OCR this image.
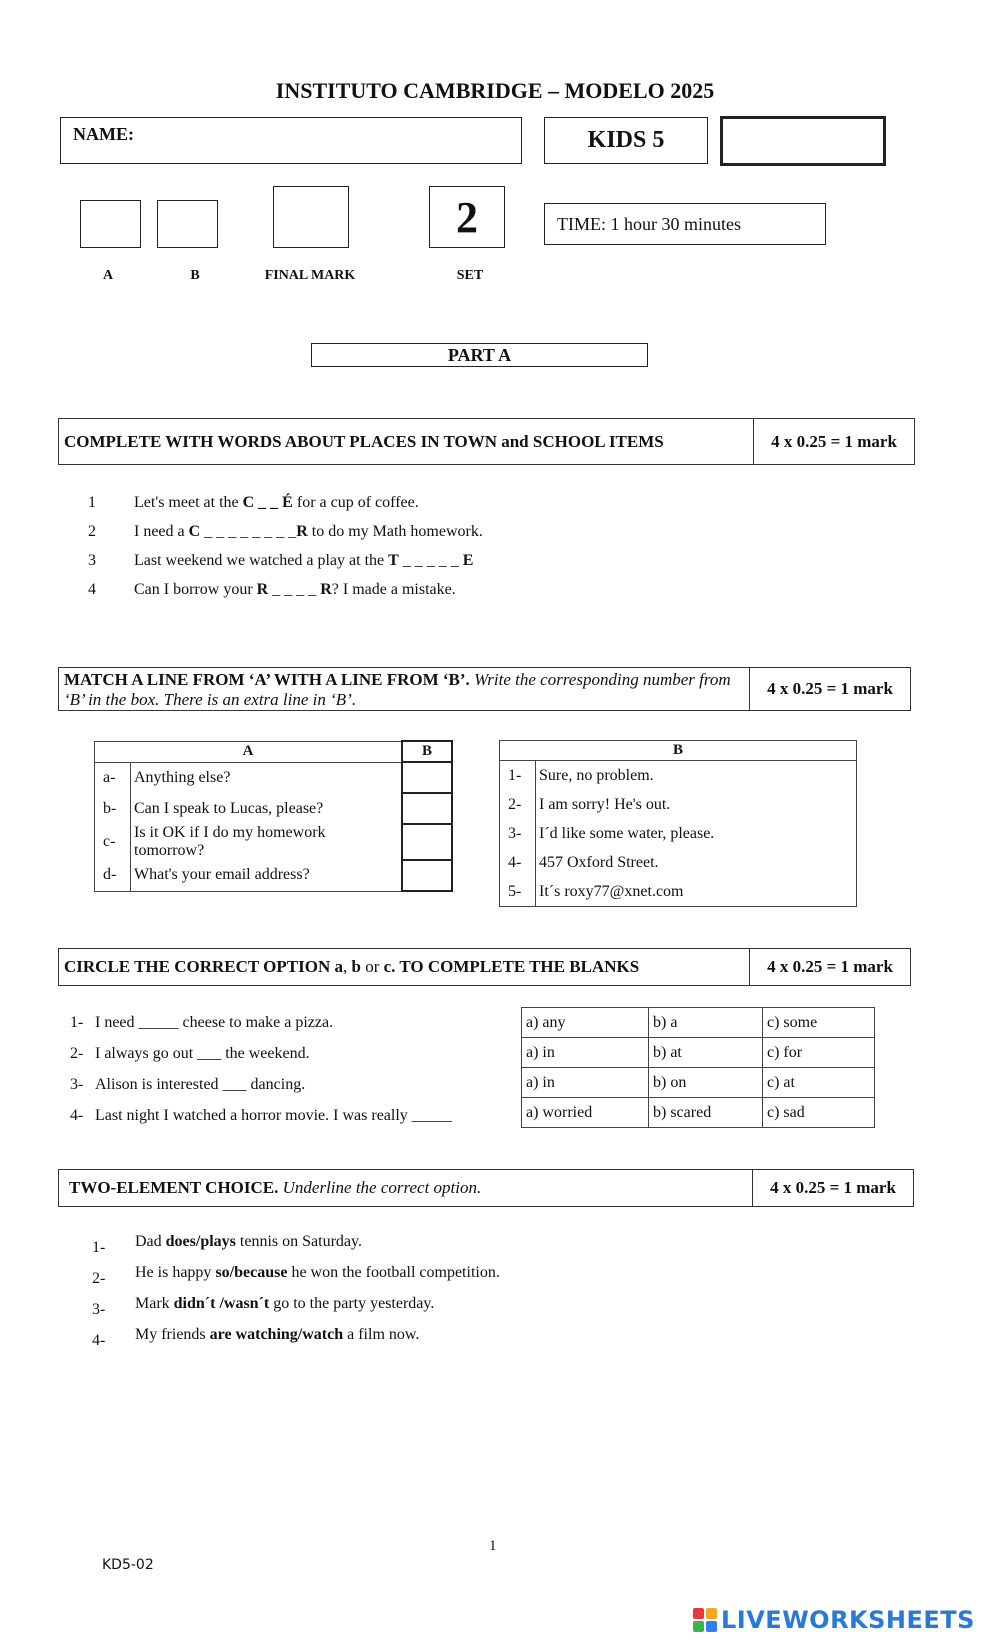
INSTITUTO CAMBRIDGE – MODELO 2025
NAME:	KIDS 5
2	TIME: 1 hour 30 minutes
A	B	FINAL MARK	SET
PART A
COMPLETE WITH WORDS ABOUT PLACES IN TOWN and SCHOOL ITEMS	4 x 0.25 = 1 mark
1	Let's meet at the C _ _ É for a cup of coffee.
2	I need a C _ _ _ _ _ _ _ _R to do my Math homework.
3	Last weekend we watched a play at the T _ _ _ _ _ E
4	Can I borrow your R _ _ _ _ R? I made a mistake.
MATCH A LINE FROM ‘A’ WITH A LINE FROM ‘B’. Write the corresponding number from ‘B’ in the box. There is an extra line in ‘B’.
4 x 0.25 = 1 mark
A		B
a-	Anything else?	
b-	Can I speak to Lucas, please?	
c-	Is it OK if I do my homework tomorrow?	
d-	What's your email address?	
B	
1-	Sure, no problem.
2-	I am sorry! He's out.
3-	I´d like some water, please.
4-	457 Oxford Street.
5-	It´s roxy77@xnet.com
CIRCLE THE CORRECT OPTION a , b or c . TO COMPLETE THE BLANKS	4 x 0.25 = 1 mark
1- I need _____ cheese to make a pizza.
2- I always go out ___ the weekend.
3- Alison is interested ___ dancing.
4- Last night I watched a horror movie. I was really _____
a) any	b) a	c) some
a) in	b) at	c) for
a) in	b) on	c) at
a) worried	b) scared	c) sad
TWO-ELEMENT CHOICE. Underline the correct option.	4 x 0.25 = 1 mark
1- Dad does/plays tennis on Saturday.
2- He is happy so/because he won the football competition.
3- Mark didn´t /wasn´t go to the party yesterday.
4- My friends are watching/watch a film now.
1
KD5-02
LIVEWORKSHEETS
